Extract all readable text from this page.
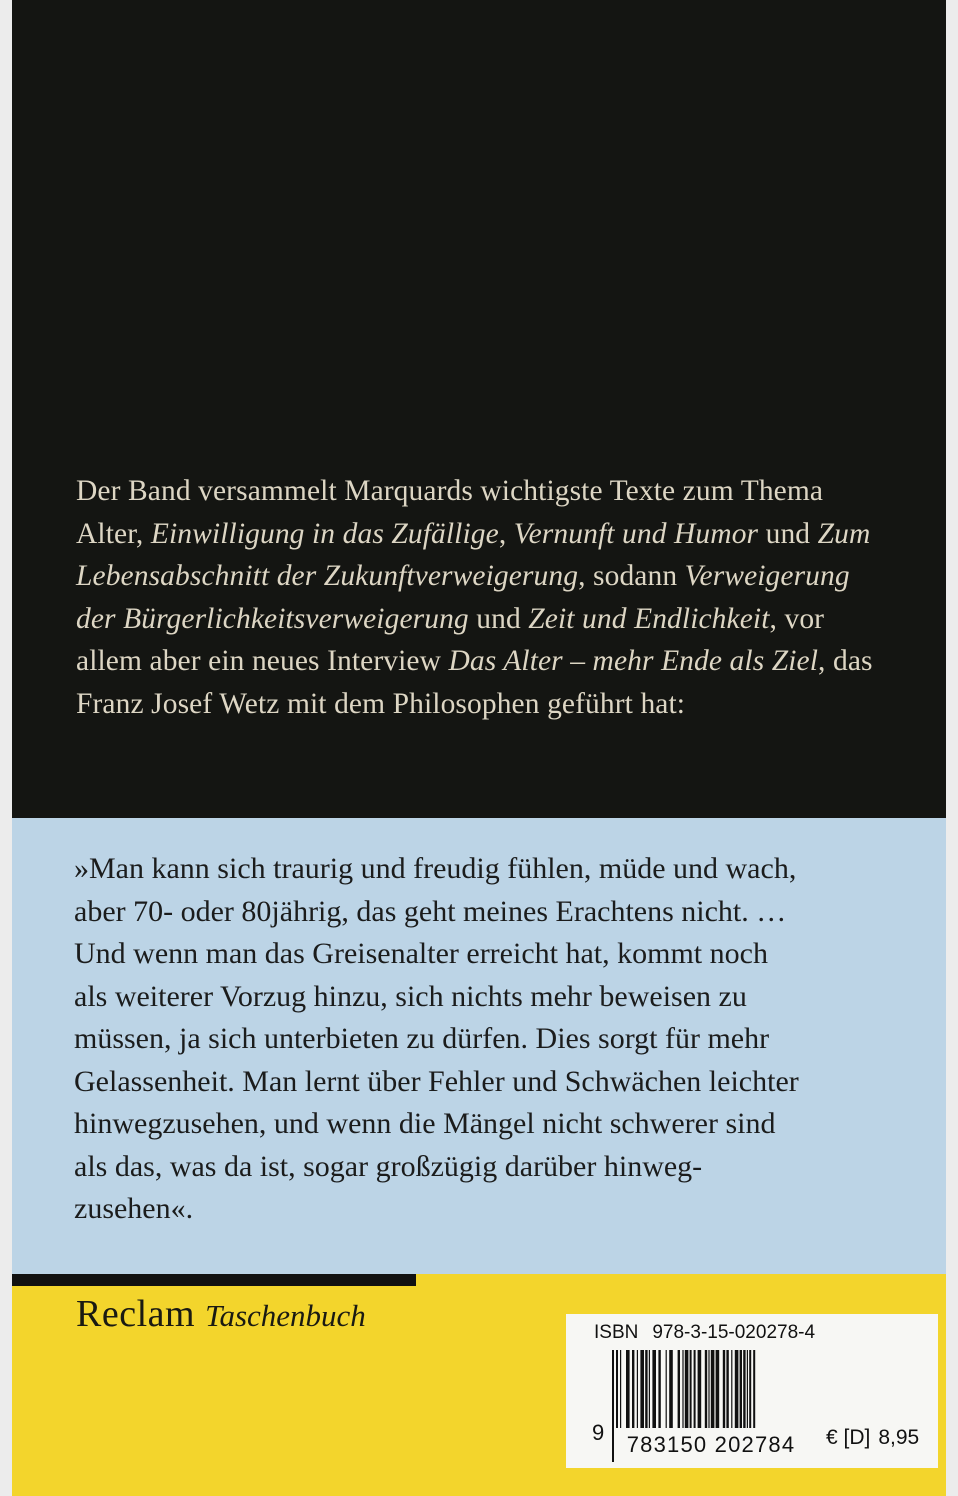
Der Band versammelt Marquards wichtigste Texte zum Thema Alter, Einwilligung in das Zufällige, Vernunft und Humor und Zum Lebensabschnitt der Zukunftverweigerung, sodann Verweigerung der Bürgerlichkeitsverweigerung und Zeit und Endlichkeit, vor allem aber ein neues Interview Das Alter – mehr Ende als Ziel, das Franz Josef Wetz mit dem Philosophen geführt hat:

»Man kann sich traurig und freudig fühlen, müde und wach,
aber 70- oder 80jährig, das geht meines Erachtens nicht. …
Und wenn man das Greisenalter erreicht hat, kommt noch
als weiterer Vorzug hinzu, sich nichts mehr beweisen zu
müssen, ja sich unterbieten zu dürfen. Dies sorgt für mehr
Gelassenheit. Man lernt über Fehler und Schwächen leichter
hinwegzusehen, und wenn die Mängel nicht schwerer sind
als das, was da ist, sogar großzügig darüber hinweg-
zusehen«.

Reclam Taschenbuch	ISBN 978-3-15-020278-4
9	783150 202784	€ [D] 8,95
